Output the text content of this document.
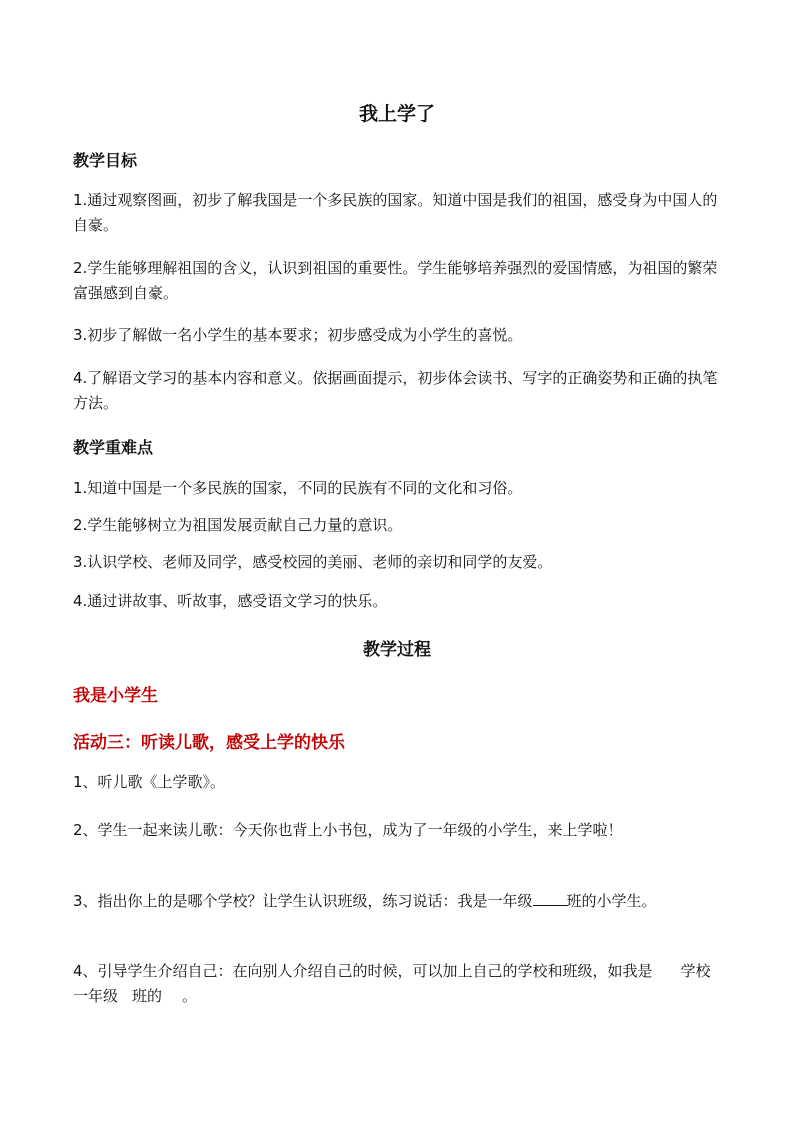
我上学了
教学目标

1.通过观察图画，初步了解我国是一个多民族的国家。知道中国是我们的祖国，感受身为中国人的自豪。

2.学生能够理解祖国的含义，认识到祖国的重要性。学生能够培养强烈的爱国情感，为祖国的繁荣富强感到自豪。

3.初步了解做一名小学生的基本要求；初步感受成为小学生的喜悦。

4.了解语文学习的基本内容和意义。依据画面提示，初步体会读书、写字的正确姿势和正确的执笔方法。

教学重难点

1.知道中国是一个多民族的国家，不同的民族有不同的文化和习俗。

2.学生能够树立为祖国发展贡献自己力量的意识。

3.认识学校、老师及同学，感受校园的美丽、老师的亲切和同学的友爱。

4.通过讲故事、听故事，感受语文学习的快乐。

教学过程
我是小学生
活动三：听读儿歌，感受上学的快乐

1、听儿歌《上学歌》。

2、学生一起来读儿歌：今天你也背上小书包，成为了一年级的小学生，来上学啦！

3、指出你上的是哪个学校？让学生认识班级，练习说话：我是一年级 班的小学生。

4、引导学生介绍自己：在向别人介绍自己的时候，可以加上自己的学校和班级，如我是 学校一年级 班的 。
